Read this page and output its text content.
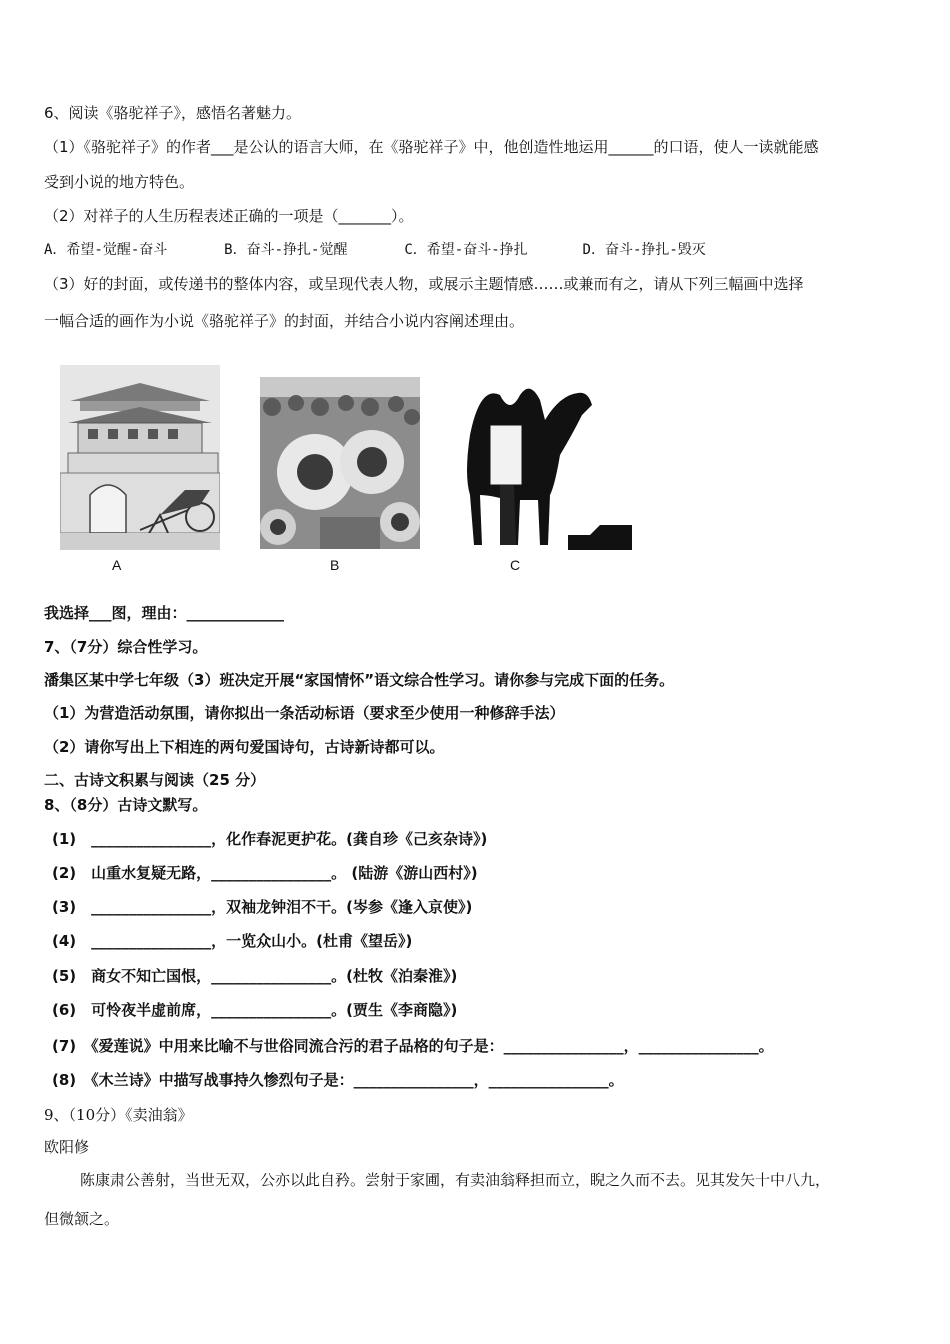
6、阅读《骆驼祥子》，感悟名著魅力。
（1）《骆驼祥子》的作者___是公认的语言大师，在《骆驼祥子》中，他创造性地运用______的口语，使人一读就能感
受到小说的地方特色。
（2）对祥子的人生历程表述正确的一项是（_______）。
A．希望-觉醒-奋斗	B．奋斗-挣扎-觉醒	C．希望-奋斗-挣扎	D．奋斗-挣扎-毁灭
（3）好的封面，或传递书的整体内容，或呈现代表人物，或展示主题情感……或兼而有之，请从下列三幅画中选择
一幅合适的画作为小说《骆驼祥子》的封面，并结合小说内容阐述理由。
A	B	C
我选择___图，理由：_____________
7、（7分）综合性学习。
潘集区某中学七年级（3）班决定开展“家国情怀”语文综合性学习。请你参与完成下面的任务。
（1）为营造活动氛围，请你拟出一条活动标语（要求至少使用一种修辞手法）
（2）请你写出上下相连的两句爱国诗句，古诗新诗都可以。
二、古诗文积累与阅读（25 分）
8、（8分）古诗文默写。
(1)　________________，化作春泥更护花。(龚自珍《己亥杂诗》)
(2)　山重水复疑无路，________________。 (陆游《游山西村》)
(3)　________________，双袖龙钟泪不干。(岑参《逢入京使》)
(4)　________________，一览众山小。(杜甫《望岳》)
(5)　商女不知亡国恨，________________。(杜牧《泊秦淮》)
(6)　可怜夜半虚前席，________________。(贾生《李商隐》)
(7)　《爱莲说》中用来比喻不与世俗同流合污的君子品格的句子是：________________，________________。
(8)　《木兰诗》中描写战事持久惨烈句子是：________________，________________。
9、（10分）《卖油翁》
欧阳修
陈康肃公善射，当世无双，公亦以此自矜。尝射于家圃，有卖油翁释担而立，睨之久而不去。见其发矢十中八九，
但微颔之。
